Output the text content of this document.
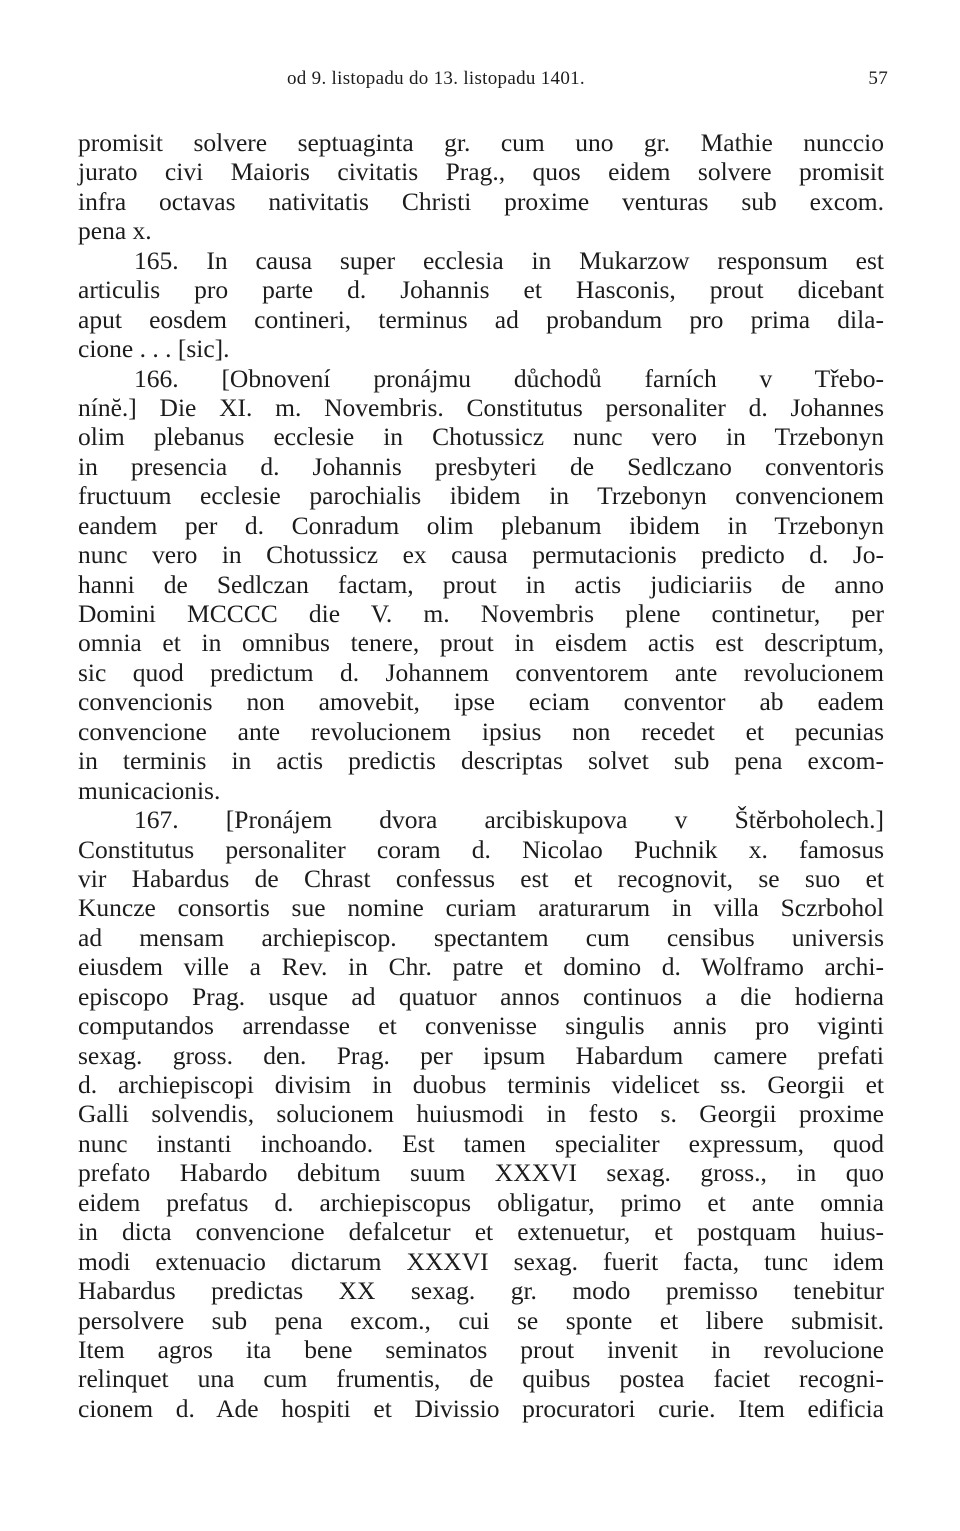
od 9. listopadu do 13. listopadu 1401.	57
promisit solvere septuaginta gr. cum uno gr. Mathie nunccio
jurato civi Maioris civitatis Prag., quos eidem solvere promisit
infra octavas nativitatis Christi proxime venturas sub excom.
pena x.
165. In causa super ecclesia in Mukarzow responsum est
articulis pro parte d. Johannis et Hasconis, prout dicebant
aput eosdem contineri, terminus ad probandum pro prima dila-
cione . . . [sic].
166. [Obnovení pronájmu důchodů farních v Třebo-
nínĕ.] Die XI. m. Novembris. Constitutus personaliter d. Johannes
olim plebanus ecclesie in Chotussicz nunc vero in Trzebonyn
in presencia d. Johannis presbyteri de Sedlczano conventoris
fructuum ecclesie parochialis ibidem in Trzebonyn convencionem
eandem per d. Conradum olim plebanum ibidem in Trzebonyn
nunc vero in Chotussicz ex causa permutacionis predicto d. Jo-
hanni de Sedlczan factam, prout in actis judiciariis de anno
Domini MCCCC die V. m. Novembris plene continetur, per
omnia et in omnibus tenere, prout in eisdem actis est descriptum,
sic quod predictum d. Johannem conventorem ante revolucionem
convencionis non amovebit, ipse eciam conventor ab eadem
convencione ante revolucionem ipsius non recedet et pecunias
in terminis in actis predictis descriptas solvet sub pena excom-
municacionis.
167. [Pronájem dvora arcibiskupova v Štĕrboholech.]
Constitutus personaliter coram d. Nicolao Puchnik x. famosus
vir Habardus de Chrast confessus est et recognovit, se suo et
Kuncze consortis sue nomine curiam araturarum in villa Sczrbohol
ad mensam archiepiscop. spectantem cum censibus universis
eiusdem ville a Rev. in Chr. patre et domino d. Wolframo archi-
episcopo Prag. usque ad quatuor annos continuos a die hodierna
computandos arrendasse et convenisse singulis annis pro viginti
sexag. gross. den. Prag. per ipsum Habardum camere prefati
d. archiepiscopi divisim in duobus terminis videlicet ss. Georgii et
Galli solvendis, solucionem huiusmodi in festo s. Georgii proxime
nunc instanti inchoando. Est tamen specialiter expressum, quod
prefato Habardo debitum suum XXXVI sexag. gross., in quo
eidem prefatus d. archiepiscopus obligatur, primo et ante omnia
in dicta convencione defalcetur et extenuetur, et postquam huius-
modi extenuacio dictarum XXXVI sexag. fuerit facta, tunc idem
Habardus predictas XX sexag. gr. modo premisso tenebitur
persolvere sub pena excom., cui se sponte et libere submisit.
Item agros ita bene seminatos prout invenit in revolucione
relinquet una cum frumentis, de quibus postea faciet recogni-
cionem d. Ade hospiti et Divissio procuratori curie. Item edificia
